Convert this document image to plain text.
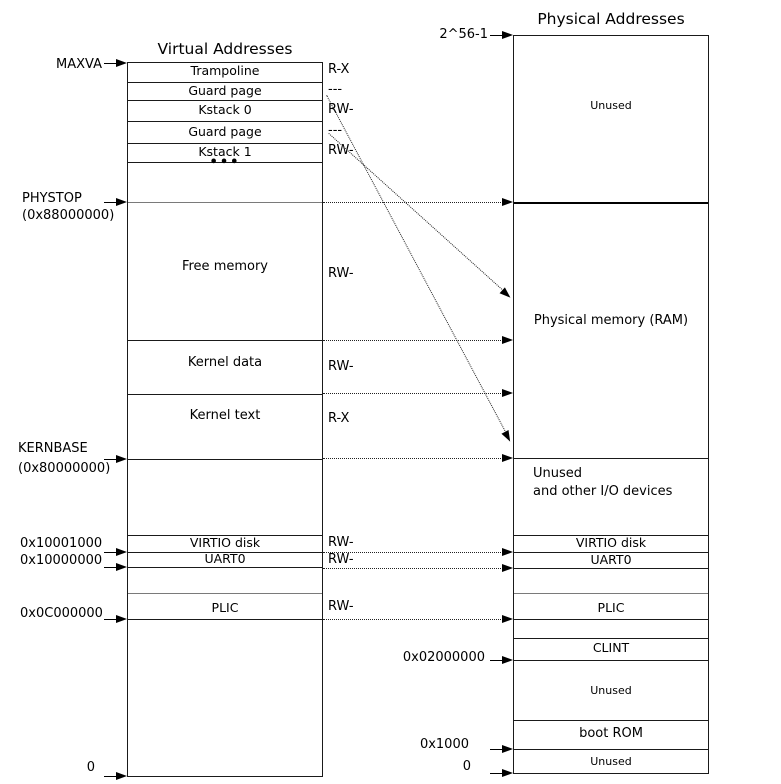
Virtual Addresses
Physical Addresses
Trampoline
Guard page
Kstack 0
Guard page
Kstack 1
•••
Free memory
Kernel data
Kernel text
VIRTIO disk
UART0
PLIC
R-X
---
RW-
---
RW-
RW-
RW-
R-X
RW-
RW-
RW-
Unused
Physical memory (RAM)
Unused
and other I/O devices
VIRTIO disk
UART0
PLIC
CLINT
Unused
boot ROM
Unused
MAXVA
PHYSTOP
(0x88000000)
KERNBASE
(0x80000000)
0x10001000
0x10000000
0x0C000000
0
2^56-1
0x02000000
0x1000
0
